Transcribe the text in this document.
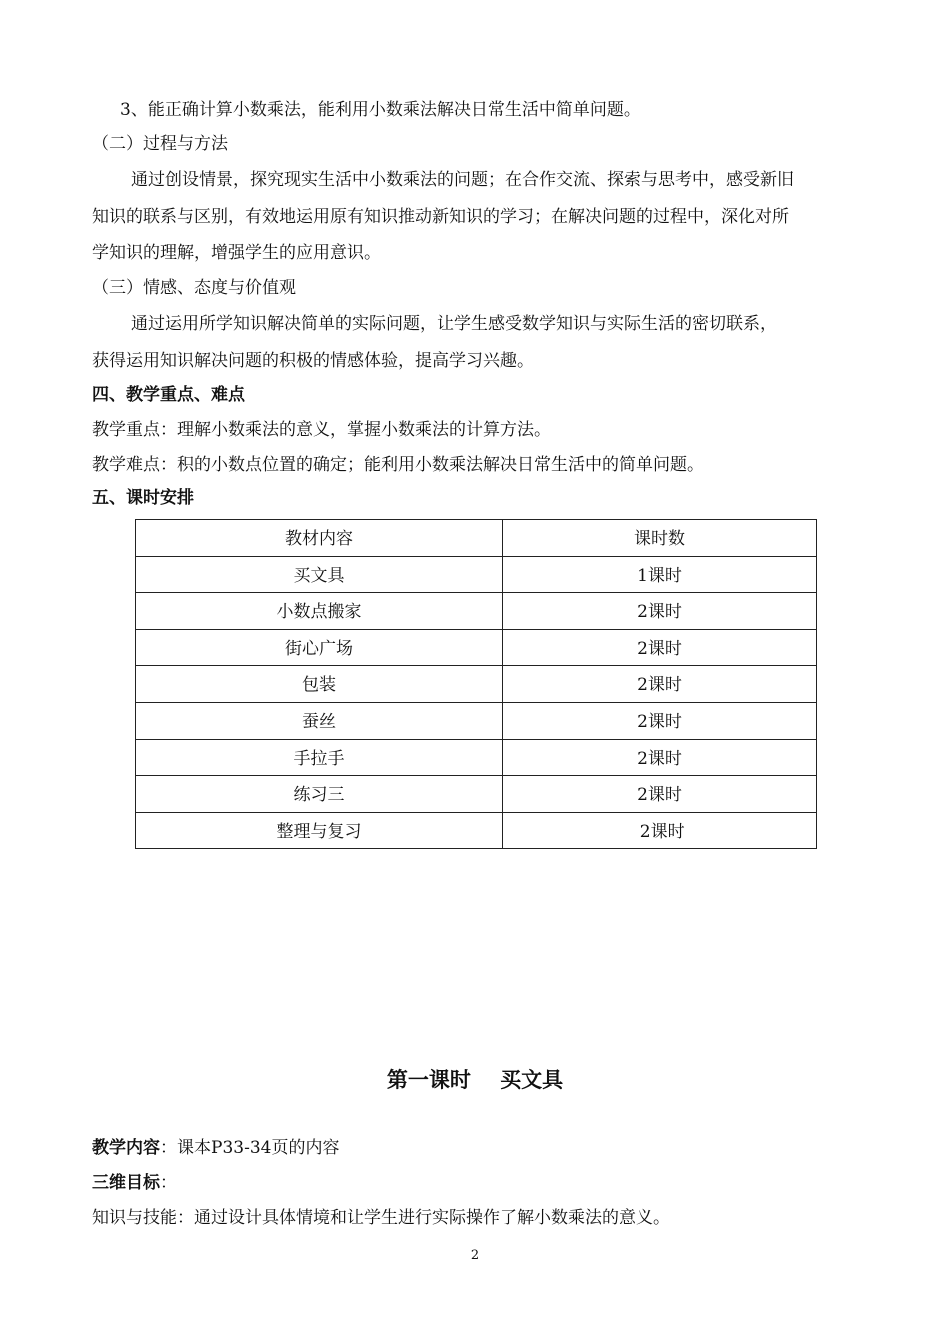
3、能正确计算小数乘法，能利用小数乘法解决日常生活中简单问题。
（二）过程与方法
通过创设情景，探究现实生活中小数乘法的问题；在合作交流、探索与思考中，感受新旧
知识的联系与区别，有效地运用原有知识推动新知识的学习；在解决问题的过程中，深化对所
学知识的理解，增强学生的应用意识。
（三）情感、态度与价值观
通过运用所学知识解决简单的实际问题，让学生感受数学知识与实际生活的密切联系，
获得运用知识解决问题的积极的情感体验，提高学习兴趣。
四、教学重点、难点
教学重点：理解小数乘法的意义，掌握小数乘法的计算方法。
教学难点：积的小数点位置的确定；能利用小数乘法解决日常生活中的简单问题。
五、课时安排
教材内容	课时数
买文具	1课时
小数点搬家	2课时
街心广场	2课时
包装	2课时
蚕丝	2课时
手拉手	2课时
练习三	2课时
整理与复习	2课时
第一课时    买文具
教学内容：课本P33-34页的内容
三维目标：
知识与技能：通过设计具体情境和让学生进行实际操作了解小数乘法的意义。
2
